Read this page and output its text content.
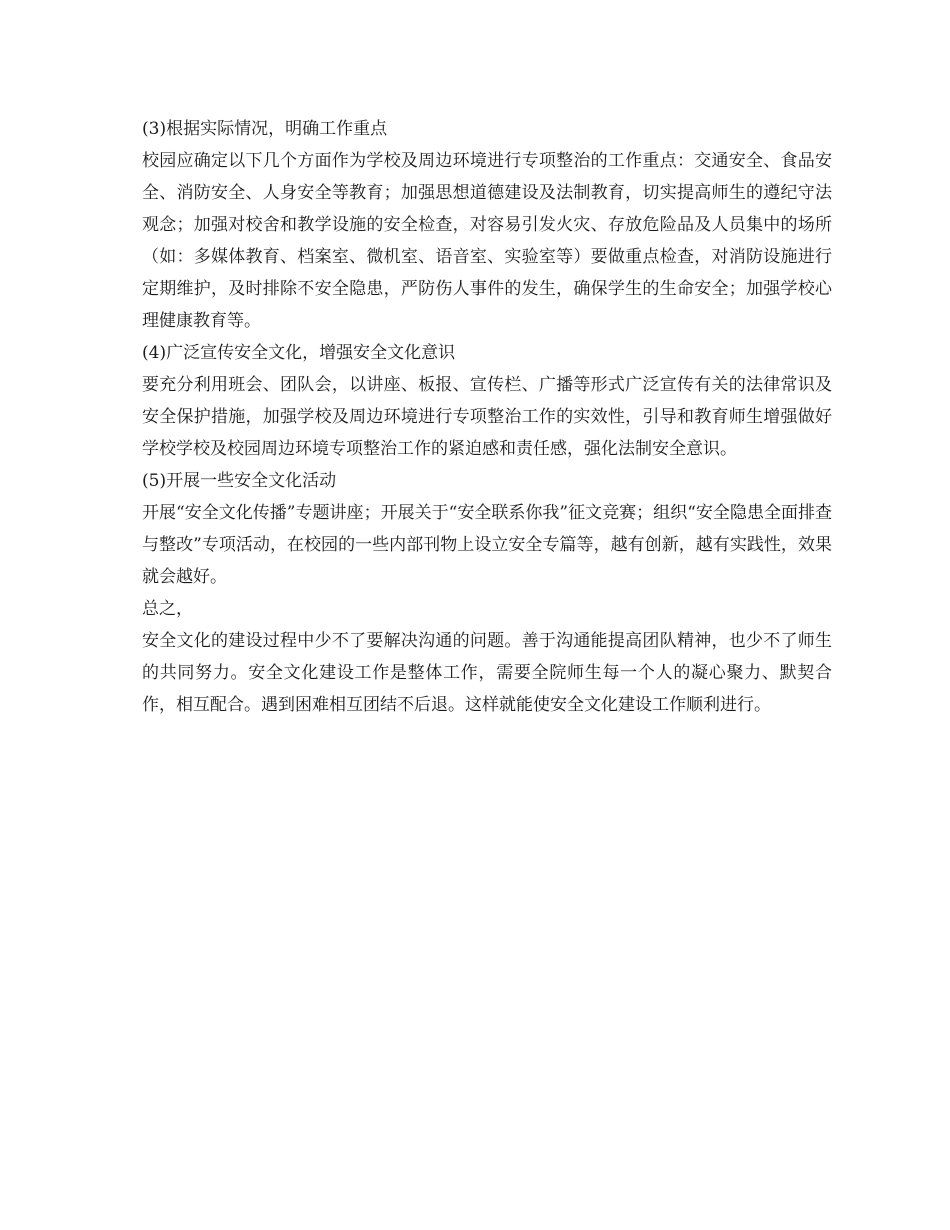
(3)根据实际情况，明确工作重点

校园应确定以下几个方面作为学校及周边环境进行专项整治的工作重点：交通安全、食品安全、消防安全、人身安全等教育；加强思想道德建设及法制教育，切实提高师生的遵纪守法观念；加强对校舍和教学设施的安全检查，对容易引发火灾、存放危险品及人员集中的场所（如：多媒体教育、档案室、微机室、语音室、实验室等）要做重点检查，对消防设施进行定期维护，及时排除不安全隐患，严防伤人事件的发生，确保学生的生命安全；加强学校心理健康教育等。

(4)广泛宣传安全文化，增强安全文化意识

要充分利用班会、团队会，以讲座、板报、宣传栏、广播等形式广泛宣传有关的法律常识及安全保护措施，加强学校及周边环境进行专项整治工作的实效性，引导和教育师生增强做好学校学校及校园周边环境专项整治工作的紧迫感和责任感，强化法制安全意识。

(5)开展一些安全文化活动

开展“安全文化传播”专题讲座；开展关于“安全联系你我”征文竞赛；组织“安全隐患全面排查与整改”专项活动，在校园的一些内部刊物上设立安全专篇等，越有创新，越有实践性，效果就会越好。

总之，

安全文化的建设过程中少不了要解决沟通的问题。善于沟通能提高团队精神，也少不了师生的共同努力。安全文化建设工作是整体工作，需要全院师生每一个人的凝心聚力、默契合作，相互配合。遇到困难相互团结不后退。这样就能使安全文化建设工作顺利进行。
